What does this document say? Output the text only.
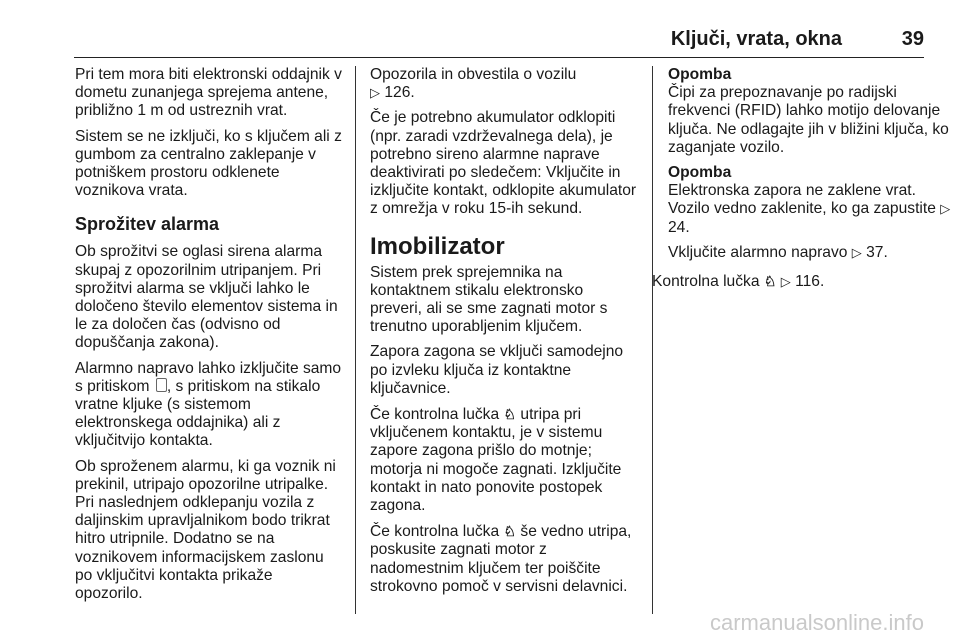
Ključi, vrata, okna	39

Pri tem mora biti elektronski oddajnik v dometu zunanjega sprejema antene, približno 1 m od ustreznih vrat.

Sistem se ne izključi, ko s ključem ali z gumbom za centralno zaklepanje v potniškem prostoru odklenete voznikova vrata.

Sprožitev alarma

Ob sprožitvi se oglasi sirena alarma skupaj z opozorilnim utripanjem. Pri sprožitvi alarma se vključi lahko le določeno število elementov sistema in le za določen čas (odvisno od dopuščanja zakona).

Alarmno napravo lahko izključite samo s pritiskom , s pritiskom na stikalo vratne kljuke (s sistemom elektronskega oddajnika) ali z vključitvijo kontakta.

Ob sproženem alarmu, ki ga voznik ni prekinil, utripajo opozorilne utripalke. Pri naslednjem odklepanju vozila z daljinskim upravljalnikom bodo trikrat hitro utripnile. Dodatno se na voznikovem informacijskem zaslonu po vključitvi kontakta prikaže opozorilo.

Opozorila in obvestila o vozilu
▷ 126.

Če je potrebno akumulator odklopiti (npr. zaradi vzdrževalnega dela), je potrebno sireno alarmne naprave deaktivirati po sledečem: Vključite in izključite kontakt, odklopite akumulator z omrežja v roku 15-ih sekund.

Imobilizator

Sistem prek sprejemnika na kontaktnem stikalu elektronsko preveri, ali se sme zagnati motor s trenutno uporabljenim ključem.

Zapora zagona se vključi samodejno po izvleku ključa iz kontaktne ključavnice.

Če kontrolna lučka ♘ utripa pri vključenem kontaktu, je v sistemu zapore zagona prišlo do motnje; motorja ni mogoče zagnati. Izključite kontakt in nato ponovite postopek zagona.

Če kontrolna lučka ♘ še vedno utripa, poskusite zagnati motor z nadomestnim ključem ter poiščite strokovno pomoč v servisni delavnici.

Opomba

Čipi za prepoznavanje po radijski frekvenci (RFID) lahko motijo delovanje ključa. Ne odlagajte jih v bližini ključa, ko zaganjate vozilo.

Opomba

Elektronska zapora ne zaklene vrat. Vozilo vedno zaklenite, ko ga zapustite ▷ 24.

Vključite alarmno napravo ▷ 37.

Kontrolna lučka ♘ ▷ 116.

carmanualsonline.info
